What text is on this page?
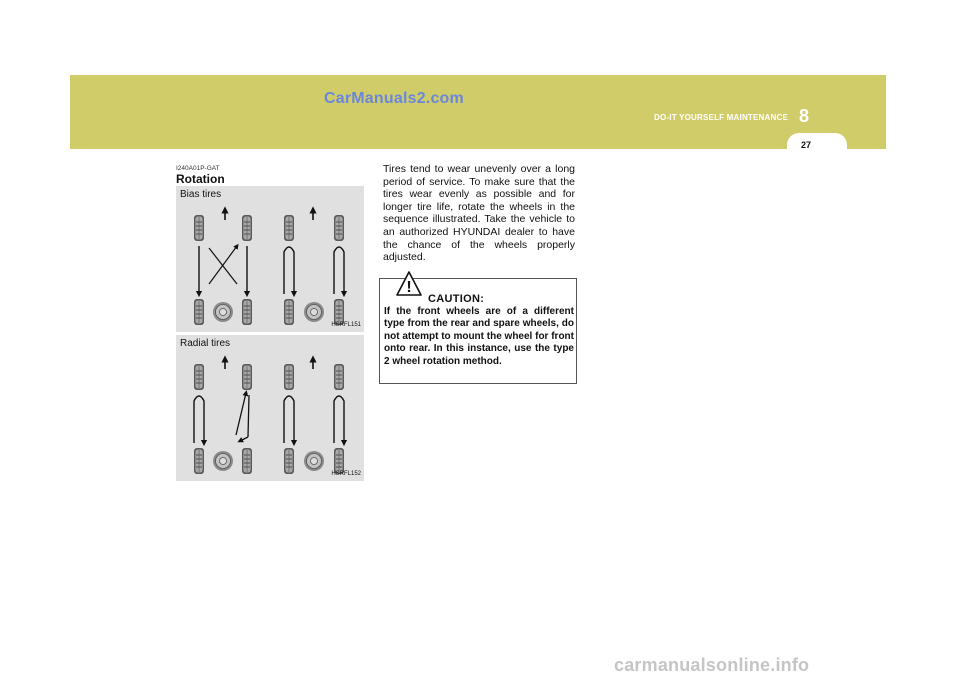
CarManuals2.com
DO-IT YOURSELF MAINTENANCE 8
27
I240A01P-GAT
Rotation
Bias tires
HSRFL151
Radial tires
HSRFL152

Tires tend to wear unevenly over a long period of service. To make sure that the tires wear evenly as possible and for longer tire life, rotate the wheels in the sequence illustrated. Take the vehicle to an authorized HYUNDAI dealer to have the chance of the wheels properly adjusted.

!
CAUTION:

If the front wheels are of a different type from the rear and spare wheels, do not attempt to mount the wheel for front onto rear. In this instance, use the type 2 wheel rotation method.

carmanualsonline.info
